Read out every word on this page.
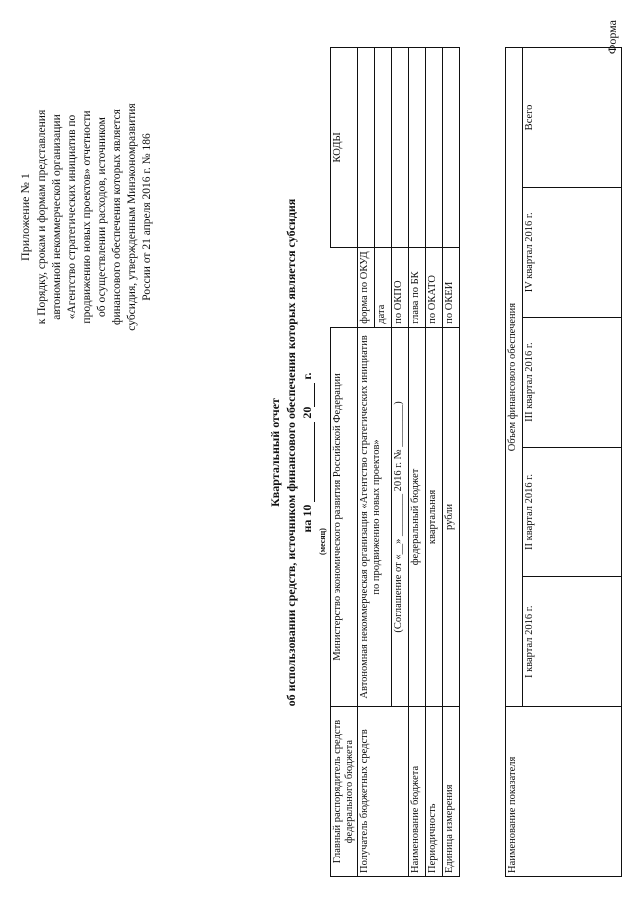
Приложение № 1 к Порядку, срокам и формам представления автономной некоммерческой организации «Агентство стратегических инициатив по продвижению новых проектов» отчетности об осуществлении расходов, источником финансового обеспечения которых является субсидия, утвержденным Минэкономразвития России от 21 апреля 2016 г. № 186
Форма
Квартальный отчет об использовании средств, источником финансового обеспечения которых является субсидия на 10  20 г.
(месяц)
Главный распорядитель средств федерального бюджета	Министерство экономического развития Российской Федерации		КОДЫ
Получатель бюджетных средств	Автономная некоммерческая организация «Агентство стратегических инициатив по продвижению новых проектов»	форма по ОКУД	
		дата	
	(Соглашение от «__» ________ 2016 г. № ________)	по ОКПО	
Наименование бюджета	федеральный бюджет	глава по БК	
Периодичность	квартальная	по ОКАТО	
Единица измерения	рубли	по ОКЕИ	
Наименование показателя	Объем финансового обеспечения				
	I квартал 2016 г.	II квартал 2016 г.	III квартал 2016 г.	IV квартал 2016 г.	Всего
